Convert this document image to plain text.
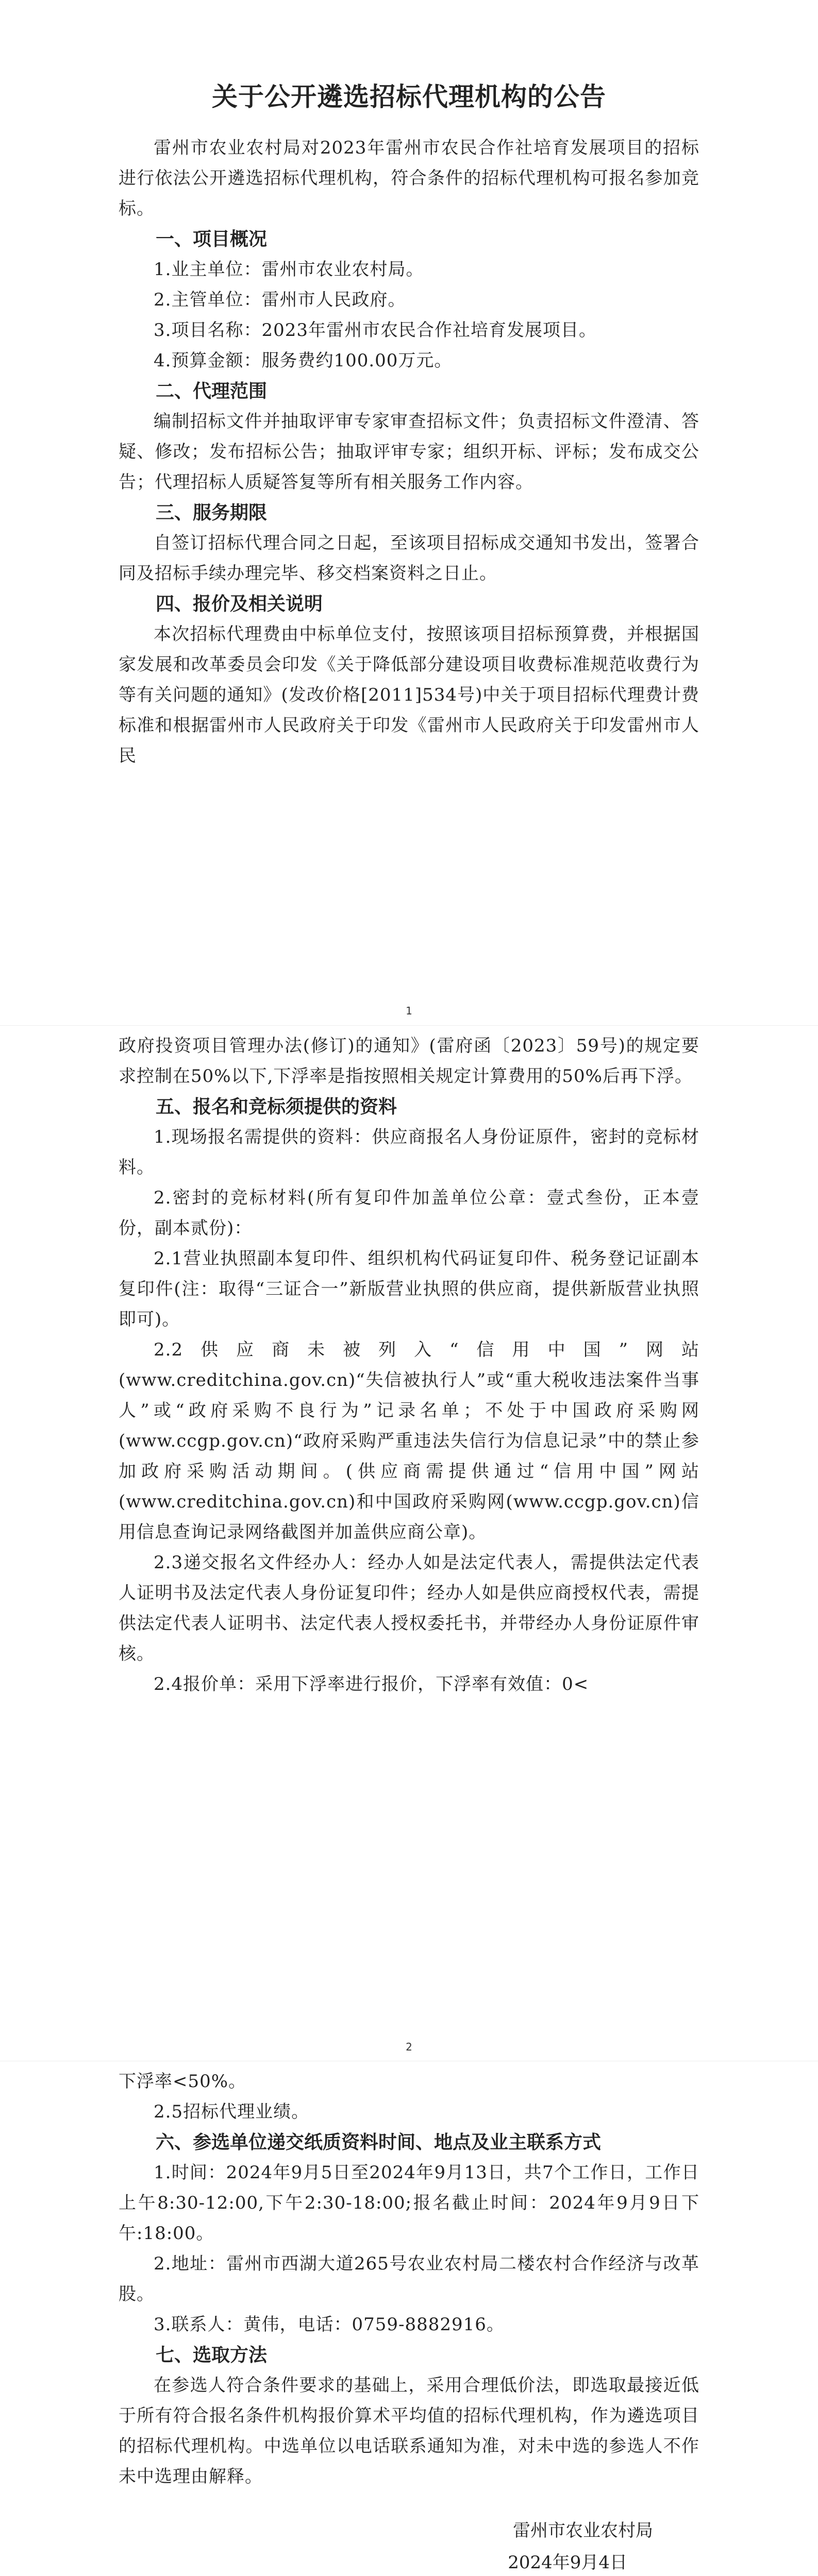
关于公开遴选招标代理机构的公告

雷州市农业农村局对2023年雷州市农民合作社培育发展项目的招标进行依法公开遴选招标代理机构，符合条件的招标代理机构可报名参加竞标。

一、项目概况

1.业主单位：雷州市农业农村局。

2.主管单位：雷州市人民政府。

3.项目名称：2023年雷州市农民合作社培育发展项目。

4.预算金额：服务费约100.00万元。

二、代理范围

编制招标文件并抽取评审专家审查招标文件；负责招标文件澄清、答疑、修改；发布招标公告；抽取评审专家；组织开标、评标；发布成交公告；代理招标人质疑答复等所有相关服务工作内容。

三、服务期限

自签订招标代理合同之日起，至该项目招标成交通知书发出，签署合同及招标手续办理完毕、移交档案资料之日止。

四、报价及相关说明

本次招标代理费由中标单位支付，按照该项目招标预算费，并根据国家发展和改革委员会印发《关于降低部分建设项目收费标准规范收费行为等有关问题的通知》(发改价格[2011]534号)中关于项目招标代理费计费标准和根据雷州市人民政府关于印发《雷州市人民政府关于印发雷州市人民

1

政府投资项目管理办法(修订)的通知》(雷府函〔2023〕59号)的规定要求控制在50%以下,下浮率是指按照相关规定计算费用的50%后再下浮。

五、报名和竞标须提供的资料

1.现场报名需提供的资料：供应商报名人身份证原件，密封的竞标材料。

2.密封的竞标材料(所有复印件加盖单位公章：壹式叁份，正本壹份，副本贰份)：

2.1营业执照副本复印件、组织机构代码证复印件、税务登记证副本复印件(注：取得“三证合一”新版营业执照的供应商，提供新版营业执照即可)。

2.2供应商未被列入“信用中国”网站(www.creditchina.gov.cn)“失信被执行人”或“重大税收违法案件当事人”或“政府采购不良行为”记录名单；不处于中国政府采购网(www.ccgp.gov.cn)“政府采购严重违法失信行为信息记录”中的禁止参加政府采购活动期间。(供应商需提供通过“信用中国”网站(www.creditchina.gov.cn)和中国政府采购网(www.ccgp.gov.cn)信用信息查询记录网络截图并加盖供应商公章)。

2.3递交报名文件经办人：经办人如是法定代表人，需提供法定代表人证明书及法定代表人身份证复印件；经办人如是供应商授权代表，需提供法定代表人证明书、法定代表人授权委托书，并带经办人身份证原件审核。

2.4报价单：采用下浮率进行报价，下浮率有效值：0<

2

下浮率<50%。

2.5招标代理业绩。

六、参选单位递交纸质资料时间、地点及业主联系方式

1.时间：2024年9月5日至2024年9月13日，共7个工作日，工作日上午8:30-12:00,下午2:30-18:00;报名截止时间：2024年9月9日下午:18:00。

2.地址：雷州市西湖大道265号农业农村局二楼农村合作经济与改革股。

3.联系人：黄伟，电话：0759-8882916。

七、选取方法

在参选人符合条件要求的基础上，采用合理低价法，即选取最接近低于所有符合报名条件机构报价算术平均值的招标代理机构，作为遴选项目的招标代理机构。中选单位以电话联系通知为准，对未中选的参选人不作未中选理由解释。

雷州市农业农村局

2024年9月4日
